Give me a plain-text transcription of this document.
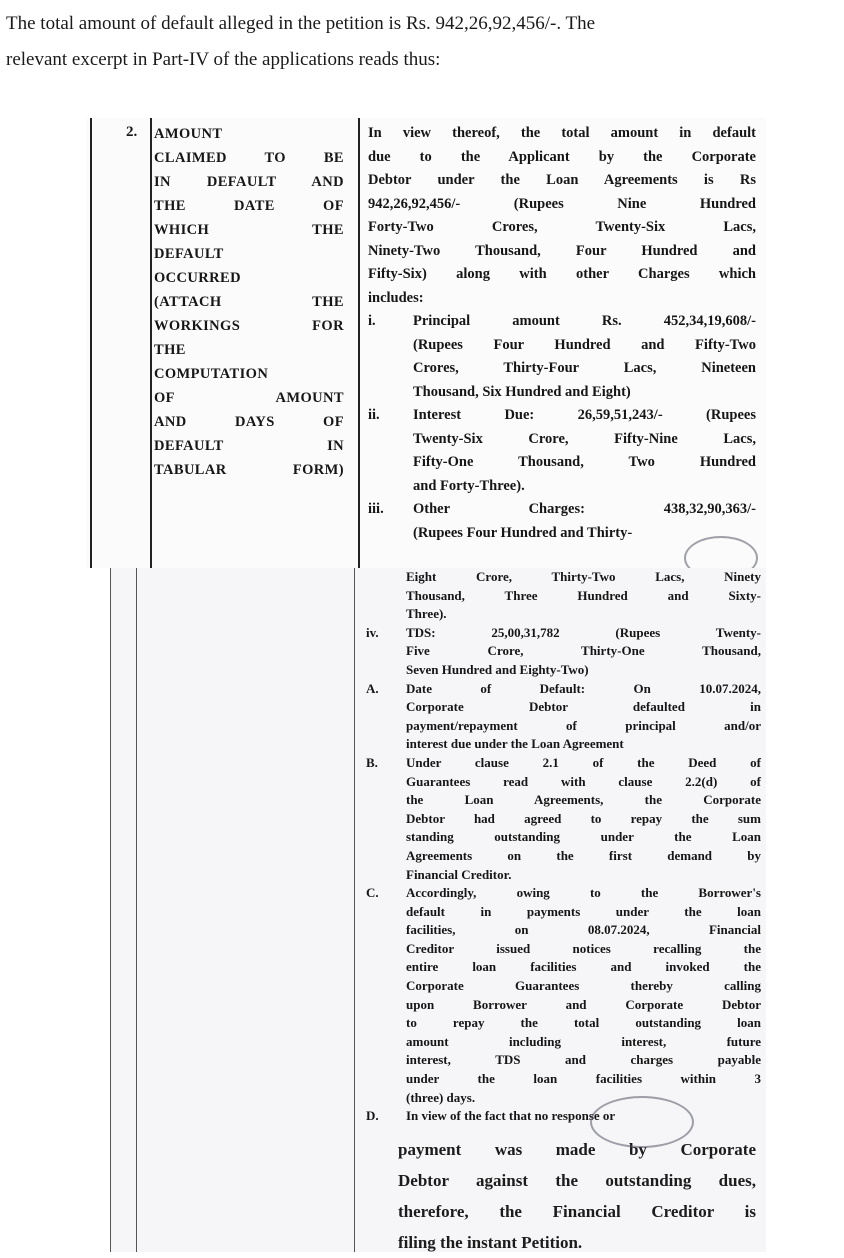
The total amount of default alleged in the petition is Rs. 942,26,92,456/-. The

relevant excerpt in Part-IV of the applications reads thus:

2. AMOUNT
CLAIMED TO BE
IN DEFAULT AND
THE DATE OF
WHICH THE
DEFAULT
OCCURRED
(ATTACH THE
WORKINGS FOR
THE
COMPUTATION
OF AMOUNT
AND DAYS OF
DEFAULT IN
TABULAR FORM)
In view thereof, the total amount in default
due to the Applicant by the Corporate
Debtor under the Loan Agreements is Rs
942,26,92,456/- (Rupees Nine Hundred
Forty-Two Crores, Twenty-Six Lacs,
Ninety-Two Thousand, Four Hundred and
Fifty-Six) along with other Charges which
includes:
i.	Principal amount Rs. 452,34,19,608/-
(Rupees Four Hundred and Fifty-Two
Crores, Thirty-Four Lacs, Nineteen
Thousand, Six Hundred and Eight)
ii. Interest Due: 26,59,51,243/- (Rupees
Twenty-Six Crore, Fifty-Nine Lacs,
Fifty-One Thousand, Two Hundred
and Forty-Three).
iii. Other Charges: 438,32,90,363/-
(Rupees Four Hundred and Thirty-
Eight Crore, Thirty-Two Lacs, Ninety
Thousand, Three Hundred and Sixty-
Three).
iv. TDS: 25,00,31,782 (Rupees Twenty-
Five Crore, Thirty-One Thousand,
Seven Hundred and Eighty-Two)
A. Date of Default: On 10.07.2024,
Corporate Debtor defaulted in
payment/repayment of principal and/or
interest due under the Loan Agreement
B. Under clause 2.1 of the Deed of
Guarantees read with clause 2.2(d) of
the Loan Agreements, the Corporate
Debtor had agreed to repay the sum
standing outstanding under the Loan
Agreements on the first demand by
Financial Creditor.
C. Accordingly, owing to the Borrower's
default in payments under the loan
facilities, on 08.07.2024, Financial
Creditor issued notices recalling the
entire loan facilities and invoked the
Corporate Guarantees thereby calling
upon Borrower and Corporate Debtor
to repay the total outstanding loan
amount including interest, future
interest, TDS and charges payable
under the loan facilities within 3
(three) days.
D. In view of the fact that no response or
payment was made by Corporate
Debtor against the outstanding dues,
therefore, the Financial Creditor is
filing the instant Petition.
